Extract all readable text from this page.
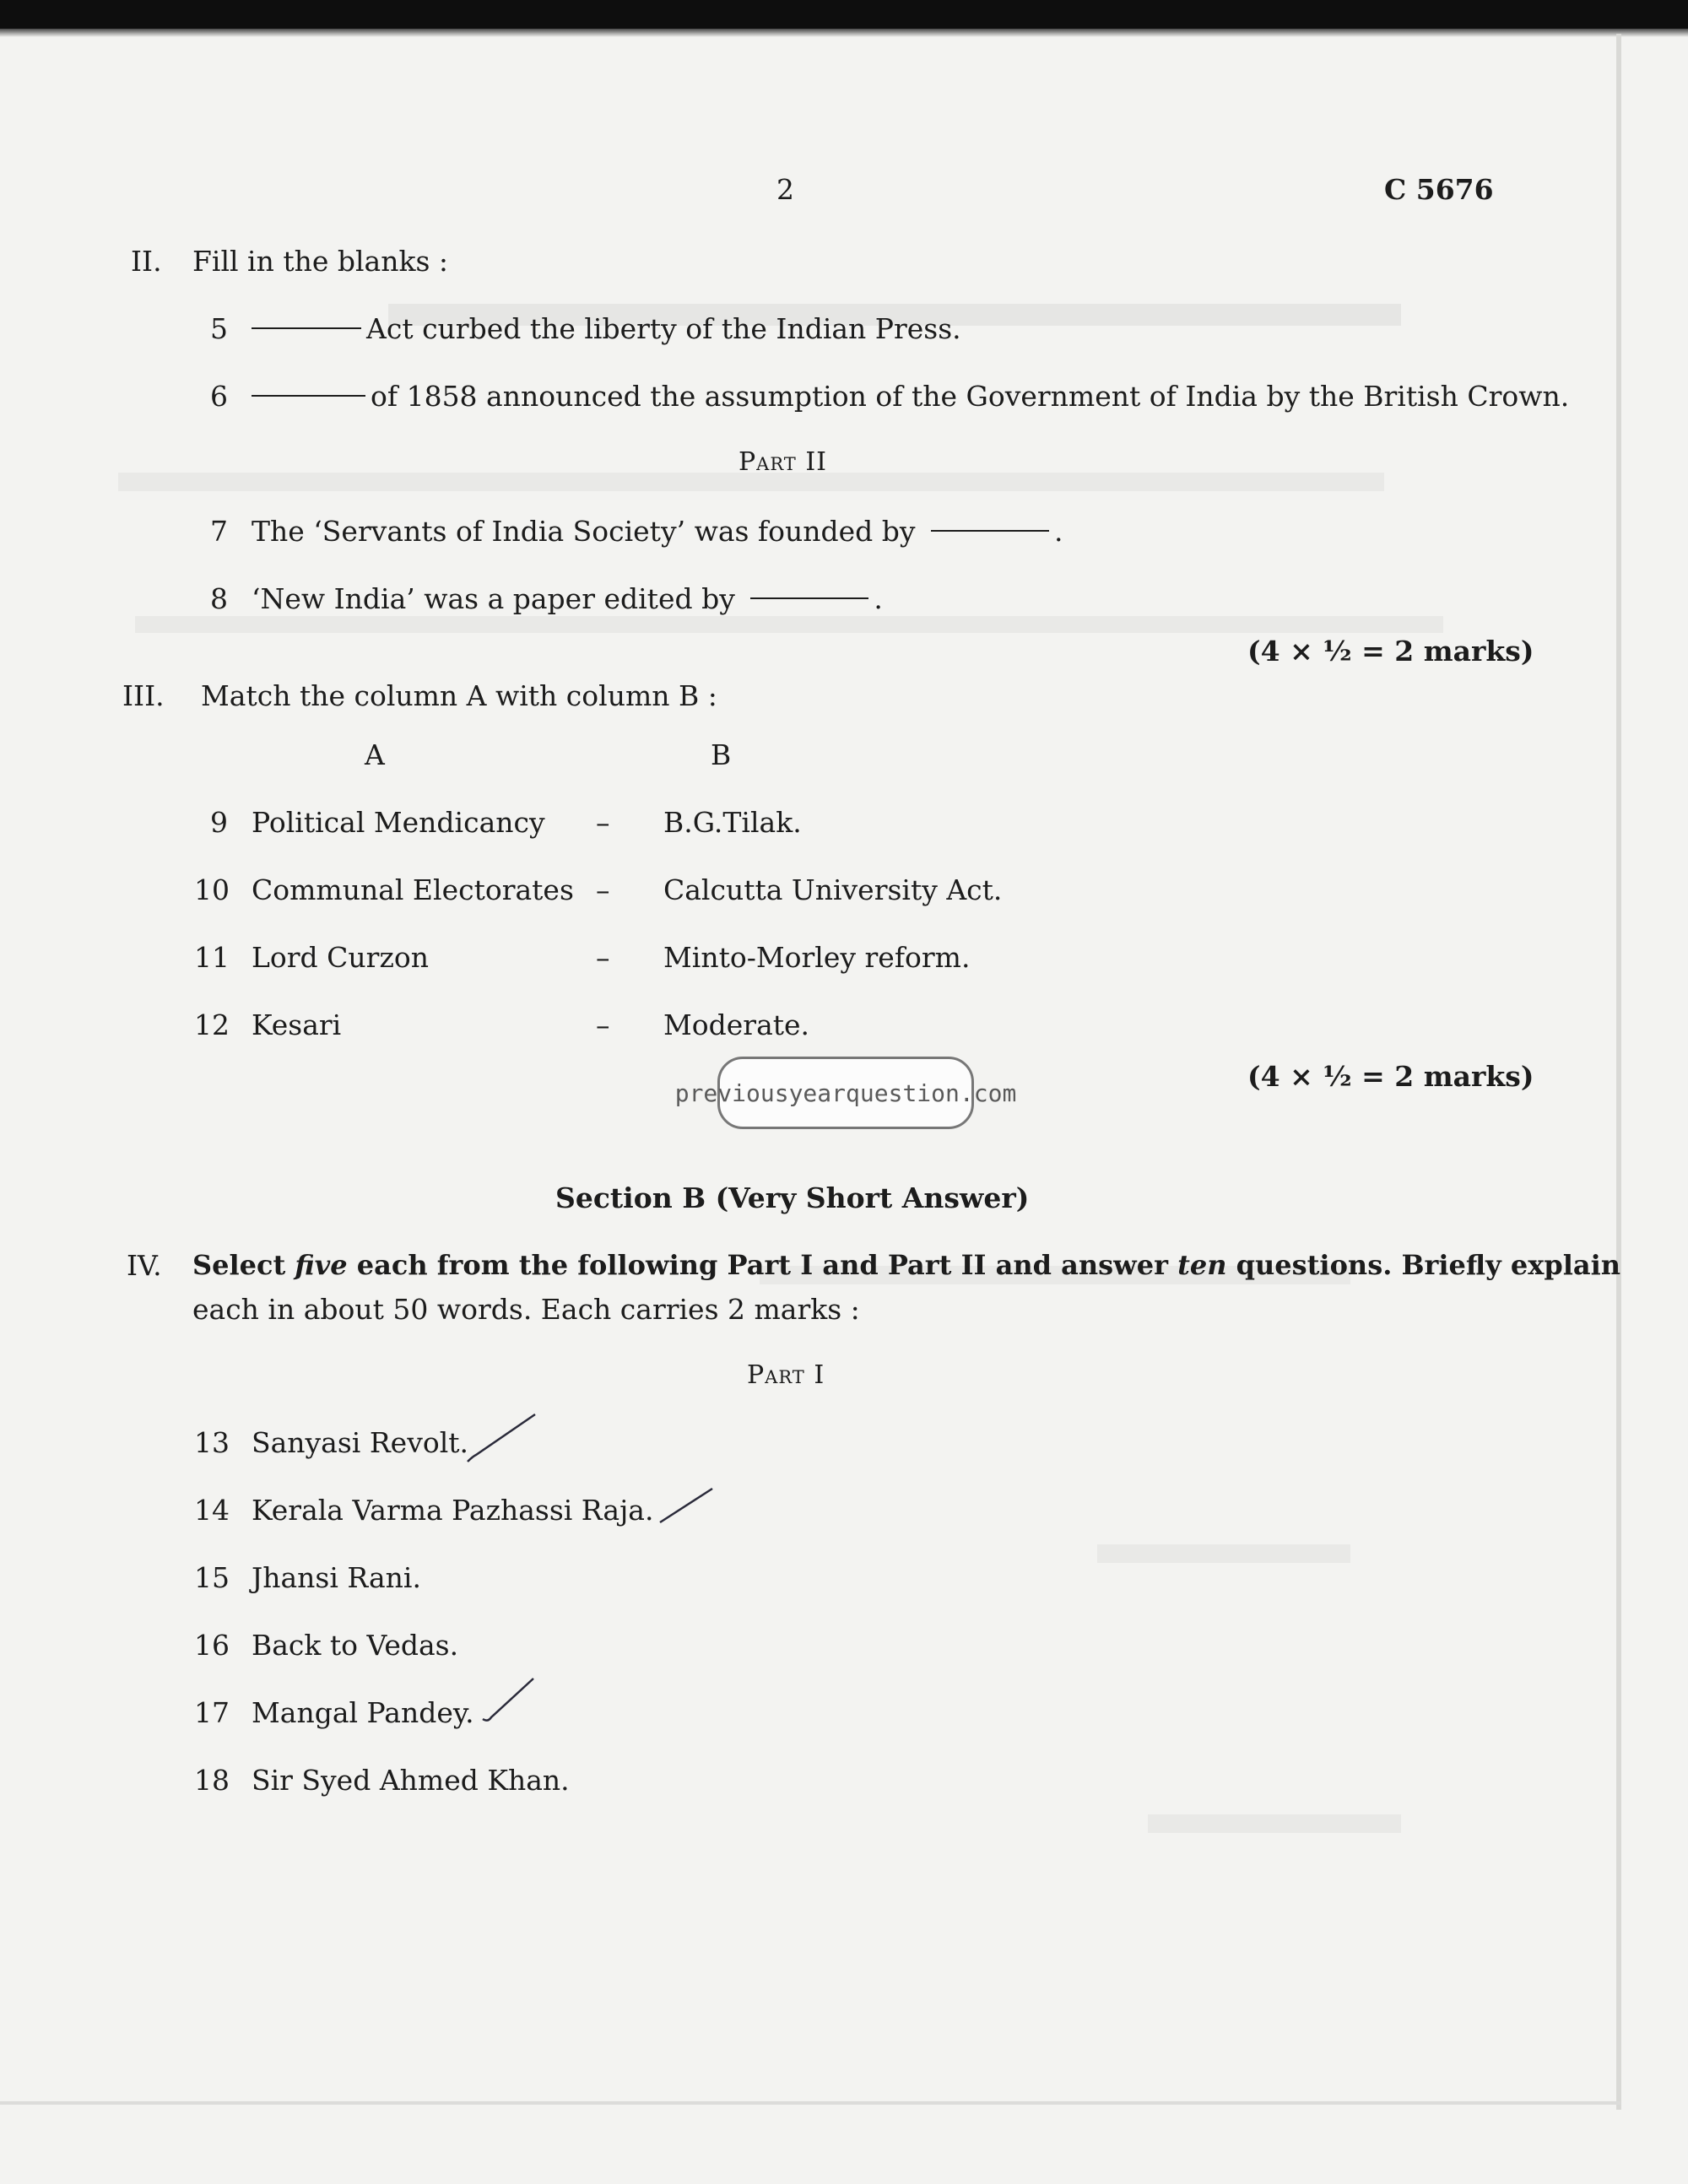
2	C 5676
II. Fill in the blanks :
5	Act curbed the liberty of the Indian Press.
6	of 1858 announced the assumption of the Government of India by the British Crown.
Part II
7 The ‘Servants of India Society’ was founded by	.
8 ‘New India’ was a paper edited by	.
(4 × ½ = 2 marks)
III. Match the column A with column B :
A	B
9 Political Mendicancy – B.G.Tilak.
10 Communal Electorates – Calcutta University Act.
11 Lord Curzon	– Minto-Morley reform.
12 Kesari	– Moderate.
previousyearquestion.com	(4 × ½ = 2 marks)
Section B (Very Short Answer)
IV. Select five each from the following Part I and Part II and answer ten questions. Briefly explain
each in about 50 words. Each carries 2 marks :
Part I
13 Sanyasi Revolt.
14 Kerala Varma Pazhassi Raja.
15 Jhansi Rani.
16 Back to Vedas.
17 Mangal Pandey.
18 Sir Syed Ahmed Khan.
